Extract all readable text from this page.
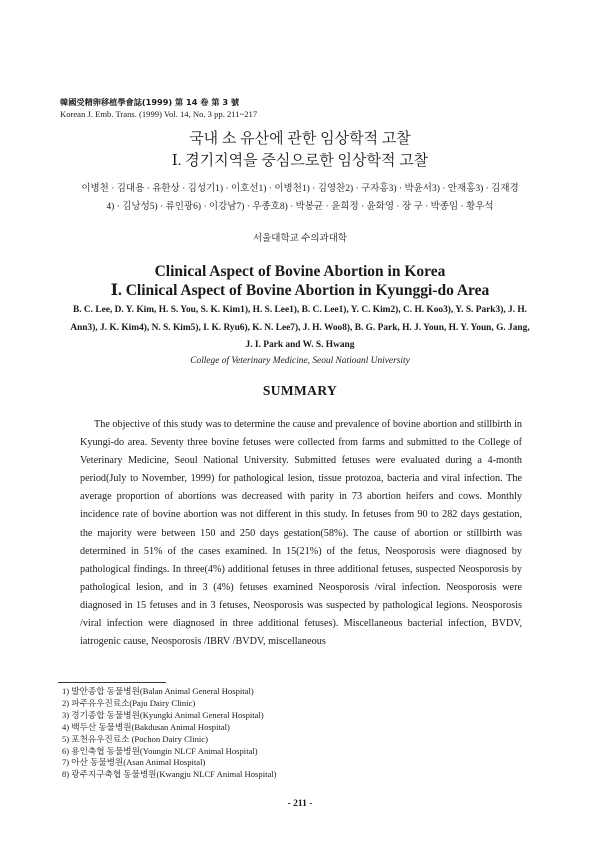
韓國受精卵移植學會誌(1999) 第 14 卷 第 3 號
Korean J. Emb. Trans. (1999) Vol. 14, No. 3 pp. 211~217
국내 소 유산에 관한 임상학적 고찰
Ⅰ. 경기지역을 중심으로한 임상학적 고찰
이병천 · 김대용 · 유한상 · 김성기1) · 이호선1) · 이병천1) · 김영찬2) · 구자홍3) · 박윤서3) · 안재홍3) · 김재경4) · 김낭성5) · 류인광6) · 이강남7) · 우종호8) · 박봉균 · 윤희정 · 윤화영 · 장 구 · 박종임 · 황우석
서울대학교 수의과대학
Clinical Aspect of Bovine Abortion in Korea
Ⅰ. Clinical Aspect of Bovine Abortion in Kyunggi-do Area
B. C. Lee, D. Y. Kim, H. S. You, S. K. Kim1), H. S. Lee1), B. C. Lee1), Y. C. Kim2), C. H. Koo3), Y. S. Park3), J. H. Ann3), J. K. Kim4), N. S. Kim5), I. K. Ryu6), K. N. Lee7), J. H. Woo8), B. G. Park, H. J. Youn, H. Y. Youn, G. Jang, J. I. Park and W. S. Hwang
College of Veterinary Medicine, Seoul Natioanl University
SUMMARY

The objective of this study was to determine the cause and prevalence of bovine abortion and stillbirth in Kyungi-do area. Seventy three bovine fetuses were collected from farms and submitted to the College of Veterinary Medicine, Seoul National University. Submitted fetuses were evaluated during a 4-month period(July to November, 1999) for pathological lesion, tissue protozoa, bacteria and viral infection. The average proportion of abortions was decreased with parity in 73 abortion heifers and cows. Monthly incidence rate of bovine abortion was not different in this study. In fetuses from 90 to 282 days gestation, the majority were between 150 and 250 days gestation(58%). The cause of abortion or stillbirth was determined in 51% of the cases examined. In 15(21%) of the fetus, Neosporosis were diagnosed by pathological findings. In three(4%) additional fetuses in three additional fetuses, suspected Neosporosis by pathological lesion, and in 3 (4%) fetuses examined Neosporosis /viral infection. Neosporosis were diagnosed in 15 fetuses and in 3 fetuses, Neosporosis was suspected by pathological legions. Neosporosis /viral infection were diagnosed in three additional fetuses). Miscellaneous bacterial infection, BVDV, iatrogenic cause, Neosporosis /IBRV /BVDV, miscellaneous

1) 발안종합 동물병원(Balan Animal General Hospital)
2) 파주유우진료소(Paju Dairy Clinic)
3) 경기종합 동물병원(Kyungki Animal General Hospital)
4) 백두산 동물병원(Bakdusan Animal Hospital)
5) 포천유우진료소 (Pochon Dairy Clinic)
6) 용인축협 동물병원(Youngin NLCF Animal Hospital)
7) 아산 동물병원(Asan Animal Hospital)
8) 광주지구축협 동물병원(Kwangju NLCF Animal Hospital)
- 211 -
